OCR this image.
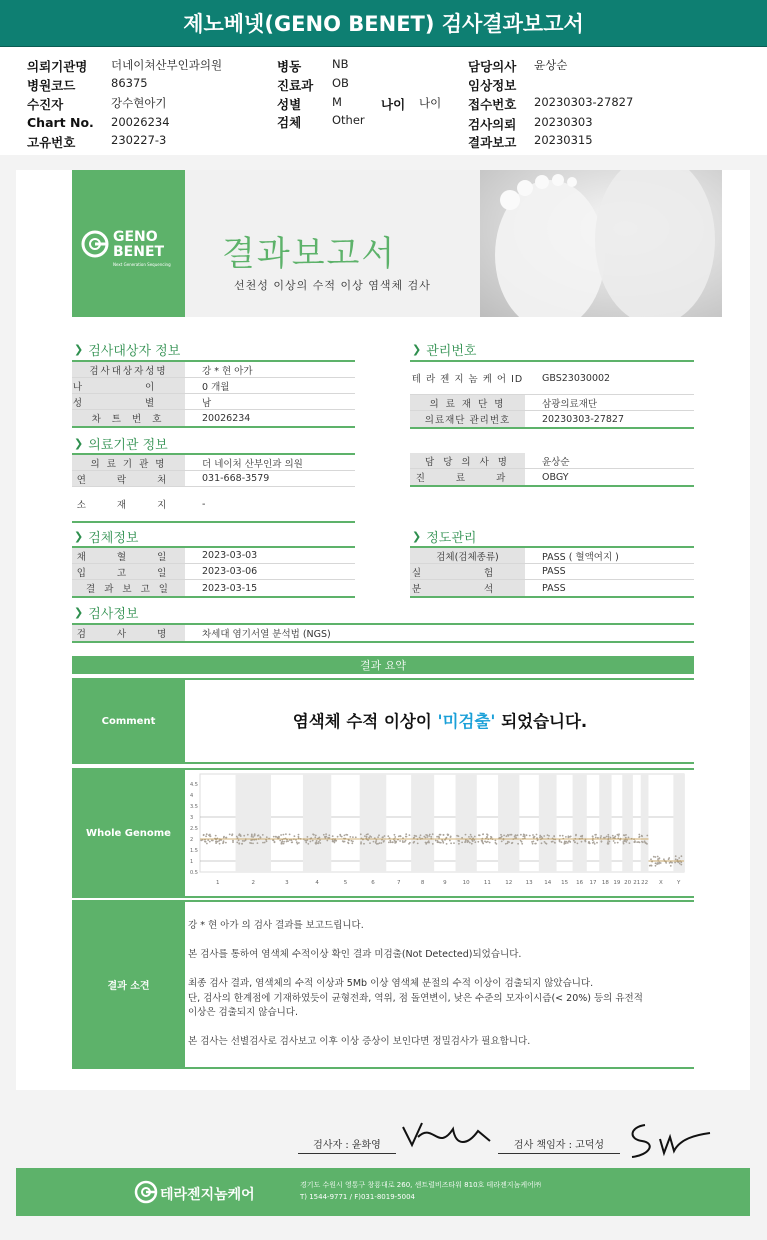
제노베넷(GENO BENET) 검사결과보고서
의뢰기관명 더네이쳐산부인과의원	병동	NB	담당의사 윤상순
병원코드	86375	진료과 OB	임상정보
수진자	강수현아기	성별	M	나이 나이 접수번호 20230303-27827
Chart No. 20026234	검체	Other	검사의뢰 20230303
고유번호	230227-3	결과보고 20230315
GENO
BENET
Next Generation Sequencing 결과보고서
선천성 이상의 수적 이상 염색체 검사
❯ 검사대상자 정보	❯ 관리번호
❯ 의료기관 정보
❯ 검체정보	❯ 정도관리
❯ 검사정보
검사대상자성명	강 * 현 아가
나 이	0 개월
성 별	남
차 트 번 호	20026234
테 라 젠 지 놈 케 어 ID	GBS23030002
의 료 재 단 명	삼광의료재단
의료재단 관리번호	20230303-27827
의 료 기 관 명	더 네이처 산부인과 의원
연 락 처	031-668-3579
소 재 지	-
담 당 의 사 명	윤상순
진 료 과	OBGY
채 혈 일	2023-03-03
입 고 일	2023-03-06
결 과 보 고 일	2023-03-15
검체(검체종류)	PASS ( 혈액여지 )
실 험	PASS
분 석	PASS
검 사 명	차세대 염기서열 분석법 (NGS)
결과 요약
Comment	염색체 수적 이상이 '미검출' 되었습니다.
Whole Genome
4.5
4
3.5
3
2.5
2
1.5
1
0.5
1	2	3	4	5	6	7	8	9	10	11	12 13 14 15 16 17 18 19 20 21 22 X	Y
결과 소견
강 * 현 아가 의 검사 결과를 보고드립니다.
본 검사를 통하여 염색체 수적이상 확인 결과 미검출(Not Detected)되었습니다.
최종 검사 결과, 염색체의 수적 이상과 5Mb 이상 염색체 분절의 수적 이상이 검출되지 않았습니다.
단, 검사의 한계점에 기재하였듯이 균형전좌, 역위, 점 돌연변이, 낮은 수준의 모자이시즘(< 20%) 등의 유전적
이상은 검출되지 않습니다.
본 검사는 선별검사로 검사보고 이후 이상 증상이 보인다면 정밀검사가 필요합니다.
검사자 : 윤화영	검사 책임자 : 고덕성
테라젠지놈케어
경기도 수원시 영통구 창룡대로 260, 센트럴비즈타워 810호 테라젠지놈케어㈜
T) 1544-9771 / F)031-8019-5004
